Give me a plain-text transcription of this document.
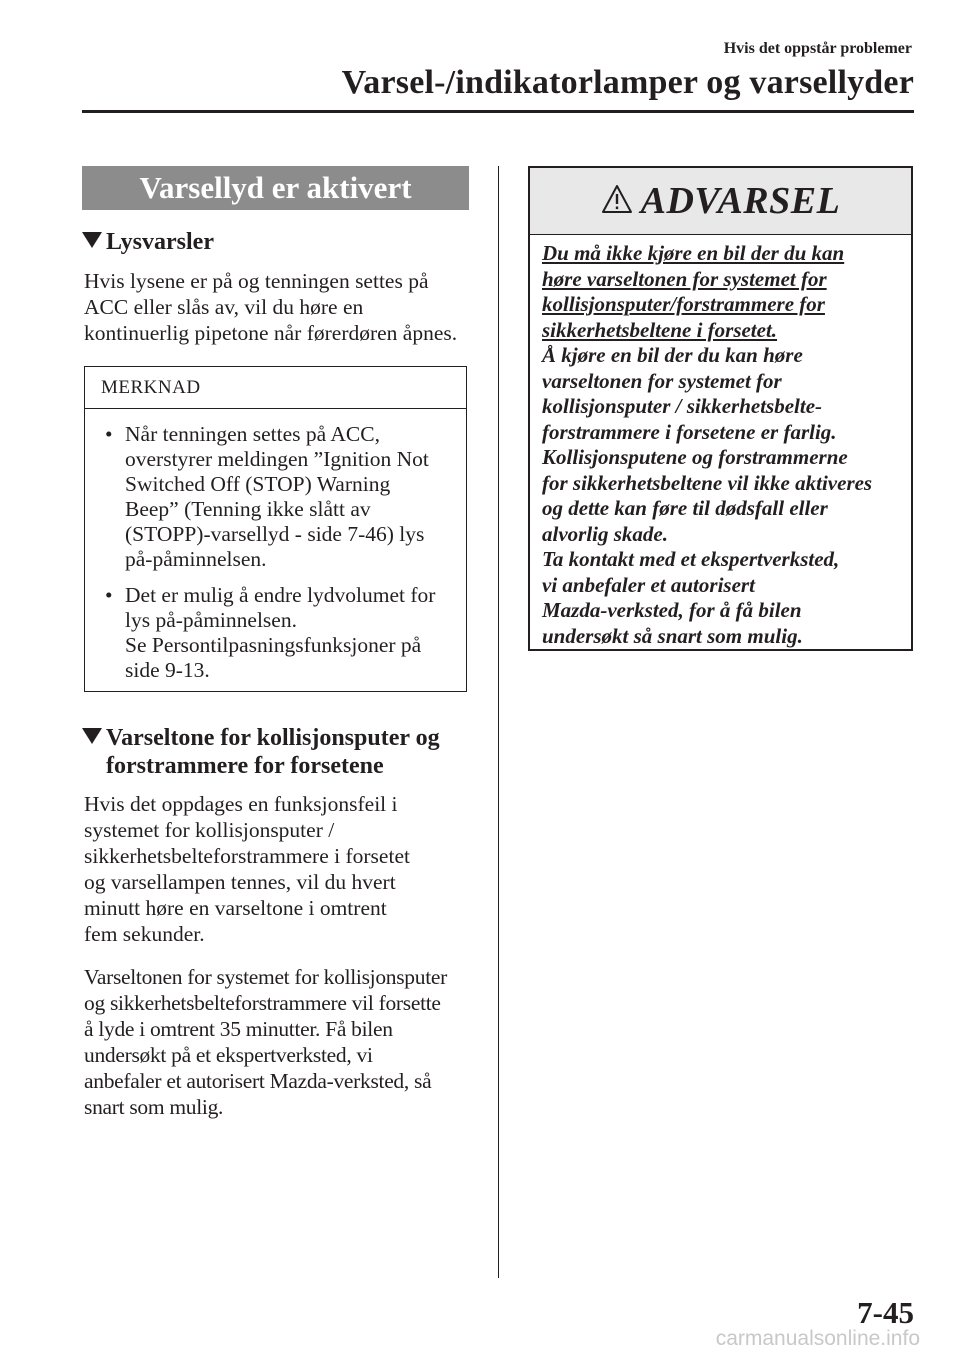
Hvis det oppstår problemer
Varsel-/indikatorlamper og varsellyder
Varsellyd er aktivert
Lysvarsler
Hvis lysene er på og tenningen settes på
ACC eller slås av, vil du høre en
kontinuerlig pipetone når førerdøren åpnes.
MERKNAD
• Når tenningen settes på ACC,
overstyrer meldingen ”Ignition Not
Switched Off (STOP) Warning
Beep” (Tenning ikke slått av
(STOPP)-varsellyd - side 7-46) lys
på-påminnelsen.
• Det er mulig å endre lydvolumet for
lys på-påminnelsen.
Se Persontilpasningsfunksjoner på
side 9-13.
Varseltone for kollisjonsputer og
forstrammere for forsetene
Hvis det oppdages en funksjonsfeil i
systemet for kollisjonsputer /
sikkerhetsbelteforstrammere i forsetet
og varsellampen tennes, vil du hvert
minutt høre en varseltone i omtrent
fem sekunder.
Varseltonen for systemet for kollisjonsputer
og sikkerhetsbelteforstrammere vil forsette
å lyde i omtrent 35 minutter. Få bilen
undersøkt på et ekspertverksted, vi
anbefaler et autorisert Mazda-verksted, så
snart som mulig.
ADVARSEL
Du må ikke kjøre en bil der du kan
høre varseltonen for systemet for
kollisjonsputer/forstrammere for
sikkerhetsbeltene i forsetet.
Å kjøre en bil der du kan høre
varseltonen for systemet for
kollisjonsputer / sikkerhetsbelte-
forstrammere i forsetene er farlig.
Kollisjonsputene og forstrammerne
for sikkerhetsbeltene vil ikke aktiveres
og dette kan føre til dødsfall eller
alvorlig skade.
Ta kontakt med et ekspertverksted,
vi anbefaler et autorisert
Mazda-verksted, for å få bilen
undersøkt så snart som mulig.
7-45
carmanualsonline.info
